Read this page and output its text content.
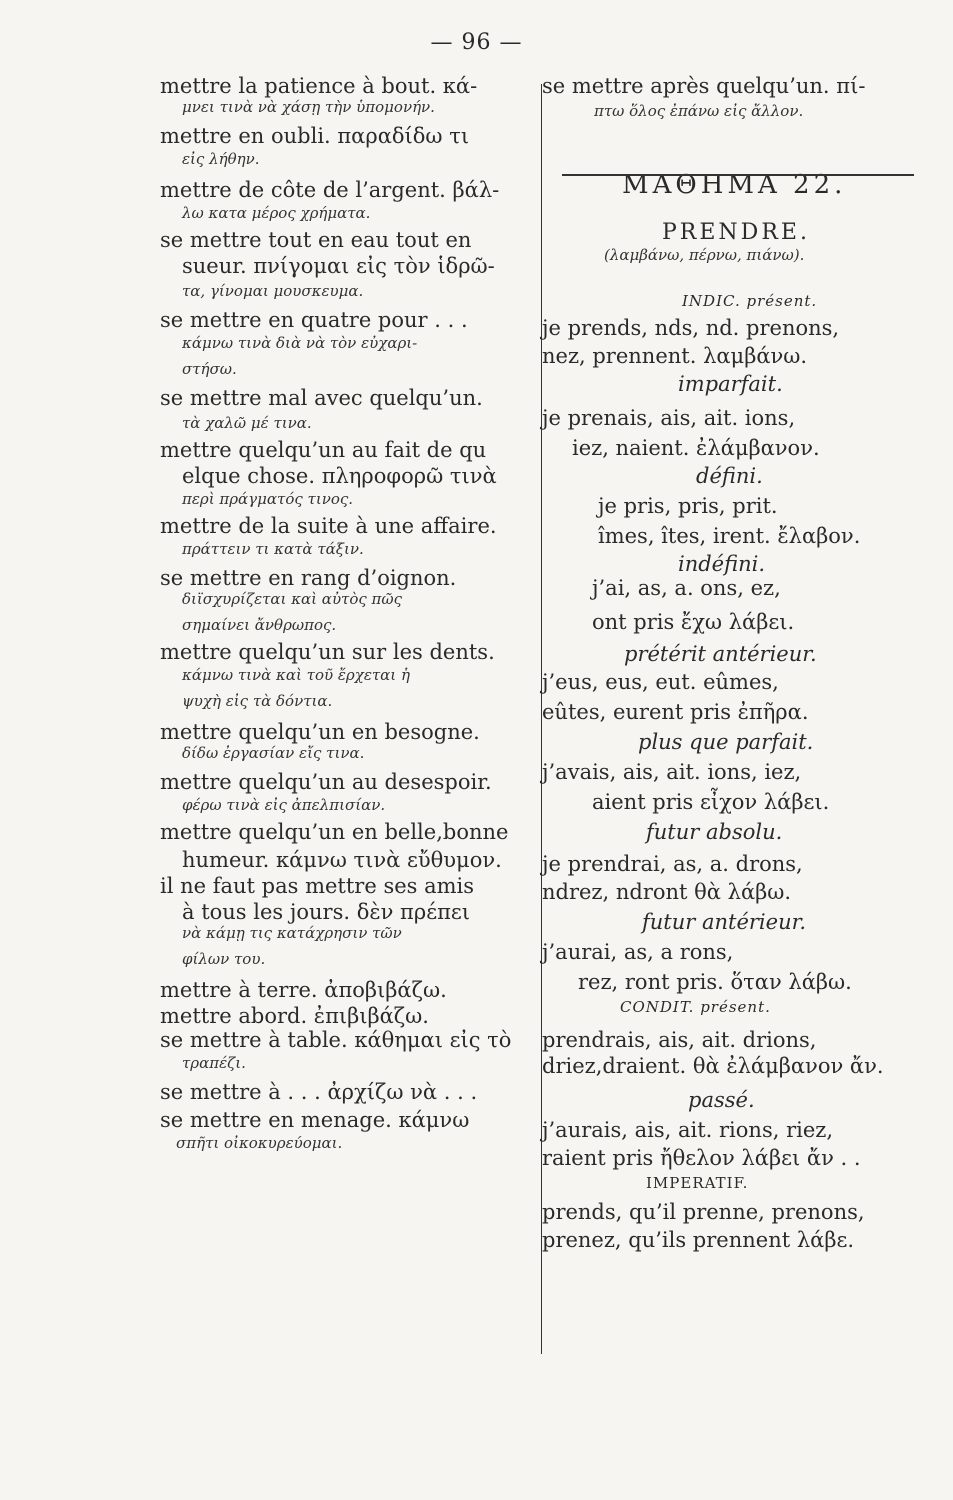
— 96 —
mettre la patience à bout. κά-
μνει τινὰ νὰ χάσῃ τὴν ὑπομονήν.
mettre en oubli. παραδίδω τι
εἰς λήθην.
mettre de côte de l’argent. βάλ-
λω κατα μέρος χρήματα.
se mettre tout en eau tout en
sueur. πνίγομαι εἰς τὸν ἱδρῶ-
τα, γίνομαι μουσκευμα.
se mettre en quatre pour . . .
κάμνω τινὰ διὰ νὰ τὸν εὐχαρι-
στήσω.
se mettre mal avec quelqu’un.
τὰ χαλῶ μέ τινα.
mettre quelqu’un au fait de qu
elque chose. πληροφορῶ τινὰ
περὶ πράγματός τινος.
mettre de la suite à une affaire.
πράττειν τι κατὰ τάξιν.
se mettre en rang d’oignon.
διϊσχυρίζεται καὶ αὐτὸς πῶς
σημαίνει ἄνθρωπος.
mettre quelqu’un sur les dents.
κάμνω τινὰ καὶ τοῦ ἔρχεται ἡ
ψυχὴ εἰς τὰ δόντια.
mettre quelqu’un en besogne.
δίδω ἐργασίαν εἴς τινα.
mettre quelqu’un au desespoir.
φέρω τινὰ εἰς ἀπελπισίαν.
mettre quelqu’un en belle,bonne
humeur. κάμνω τινὰ εὔθυμον.
il ne faut pas mettre ses amis
à tous les jours. δὲν πρέπει
νὰ κάμῃ τις κατάχρησιν τῶν
φίλων του.
mettre à terre. ἀποβιβάζω.
mettre abord. ἐπιβιβάζω.
se mettre à table. κάθημαι εἰς τὸ
τραπέζι.
se mettre à . . . ἀρχίζω νὰ . . .
se mettre en menage. κάμνω
σπῆτι οἰκοκυρεύομαι.
se mettre après quelqu’un. πί-
πτω ὅλος ἐπάνω εἰς ἄλλον.
ΜΑΘΗΜΑ 22.
PRENDRE.
(λαμβάνω, πέρνω, πιάνω).
INDIC. présent.
je prends, nds, nd. prenons,
nez, prennent. λαμβάνω.
imparfait.
je prenais, ais, ait. ions,
iez, naient. ἐλάμβανον.
défini.
je pris, pris, prit.
îmes, îtes, irent. ἔλαβον.
indéfini.
j’ai, as, a. ons, ez,
ont pris ἔχω λάβει.
prétérit antérieur.
j’eus, eus, eut. eûmes,
eûtes, eurent pris ἐπῆρα.
plus que parfait.
j’avais, ais, ait. ions, iez,
aient pris εἶχον λάβει.
futur absolu.
je prendrai, as, a. drons,
ndrez, ndront θὰ λάβω.
futur antérieur.
j’aurai, as, a rons,
rez, ront pris. ὅταν λάβω.
CONDIT. présent.
prendrais, ais, ait. drions,
driez,draient. θὰ ἐλάμβανον ἄν.
passé.
j’aurais, ais, ait. rions, riez,
raient pris ἤθελον λάβει ἄν . .
IMPERATIF.
prends, qu’il prenne, prenons,
prenez, qu’ils prennent λάβε.
